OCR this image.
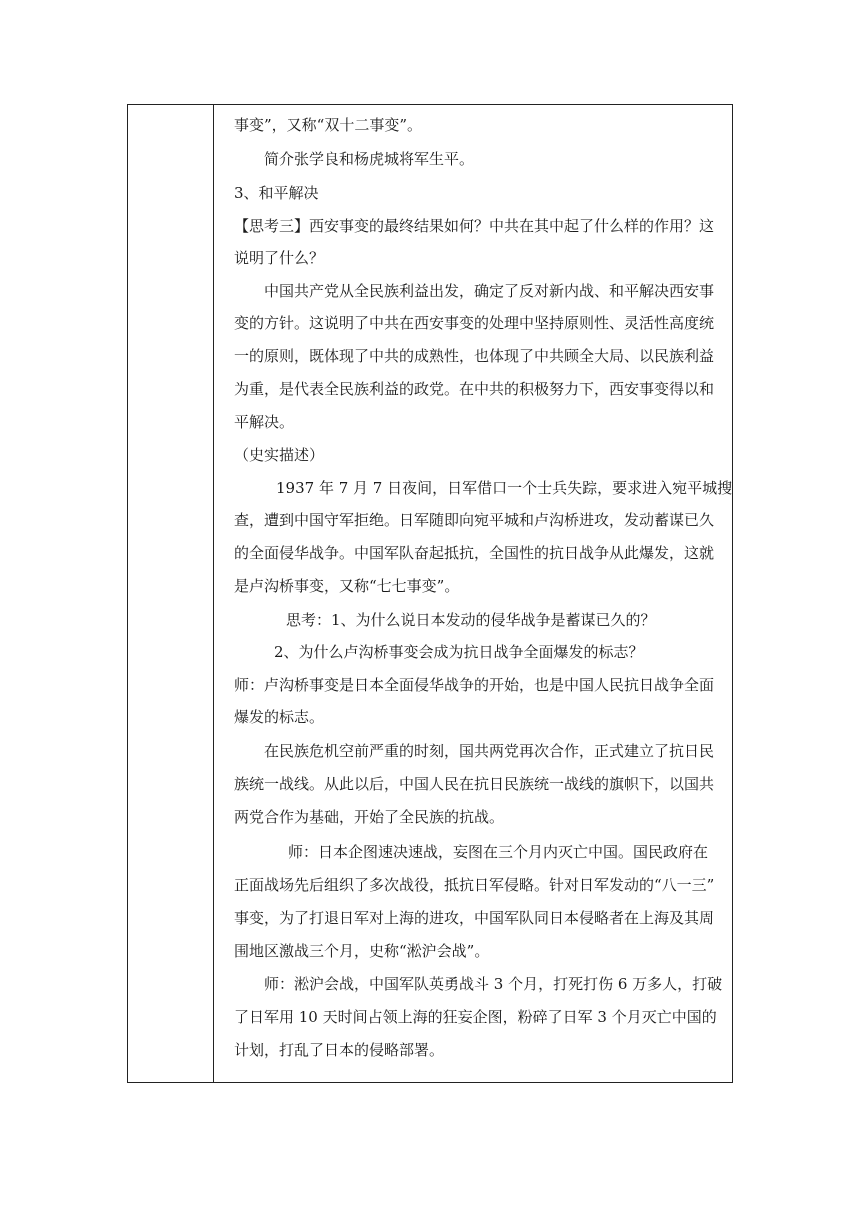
事变”，又称“双十二事变”。
简介张学良和杨虎城将军生平。
3、和平解决
【思考三】西安事变的最终结果如何？中共在其中起了什么样的作用？这
说明了什么？
中国共产党从全民族利益出发，确定了反对新内战、和平解决西安事
变的方针。这说明了中共在西安事变的处理中坚持原则性、灵活性高度统
一的原则，既体现了中共的成熟性，也体现了中共顾全大局、以民族利益
为重，是代表全民族利益的政党。在中共的积极努力下，西安事变得以和
平解决。
（史实描述）
1937 年 7 月 7 日夜间，日军借口一个士兵失踪，要求进入宛平城搜
查，遭到中国守军拒绝。日军随即向宛平城和卢沟桥进攻，发动蓄谋已久
的全面侵华战争。中国军队奋起抵抗，全国性的抗日战争从此爆发，这就
是卢沟桥事变，又称“七七事变”。
思考：1、为什么说日本发动的侵华战争是蓄谋已久的？
2、为什么卢沟桥事变会成为抗日战争全面爆发的标志？
师：卢沟桥事变是日本全面侵华战争的开始，也是中国人民抗日战争全面
爆发的标志。
在民族危机空前严重的时刻，国共两党再次合作，正式建立了抗日民
族统一战线。从此以后，中国人民在抗日民族统一战线的旗帜下，以国共
两党合作为基础，开始了全民族的抗战。
师：日本企图速决速战，妄图在三个月内灭亡中国。国民政府在
正面战场先后组织了多次战役，抵抗日军侵略。针对日军发动的“八一三”
事变，为了打退日军对上海的进攻，中国军队同日本侵略者在上海及其周
围地区激战三个月，史称“淞沪会战”。
师：淞沪会战，中国军队英勇战斗 3 个月，打死打伤 6 万多人，打破
了日军用 10 天时间占领上海的狂妄企图，粉碎了日军 3 个月灭亡中国的
计划，打乱了日本的侵略部署。
